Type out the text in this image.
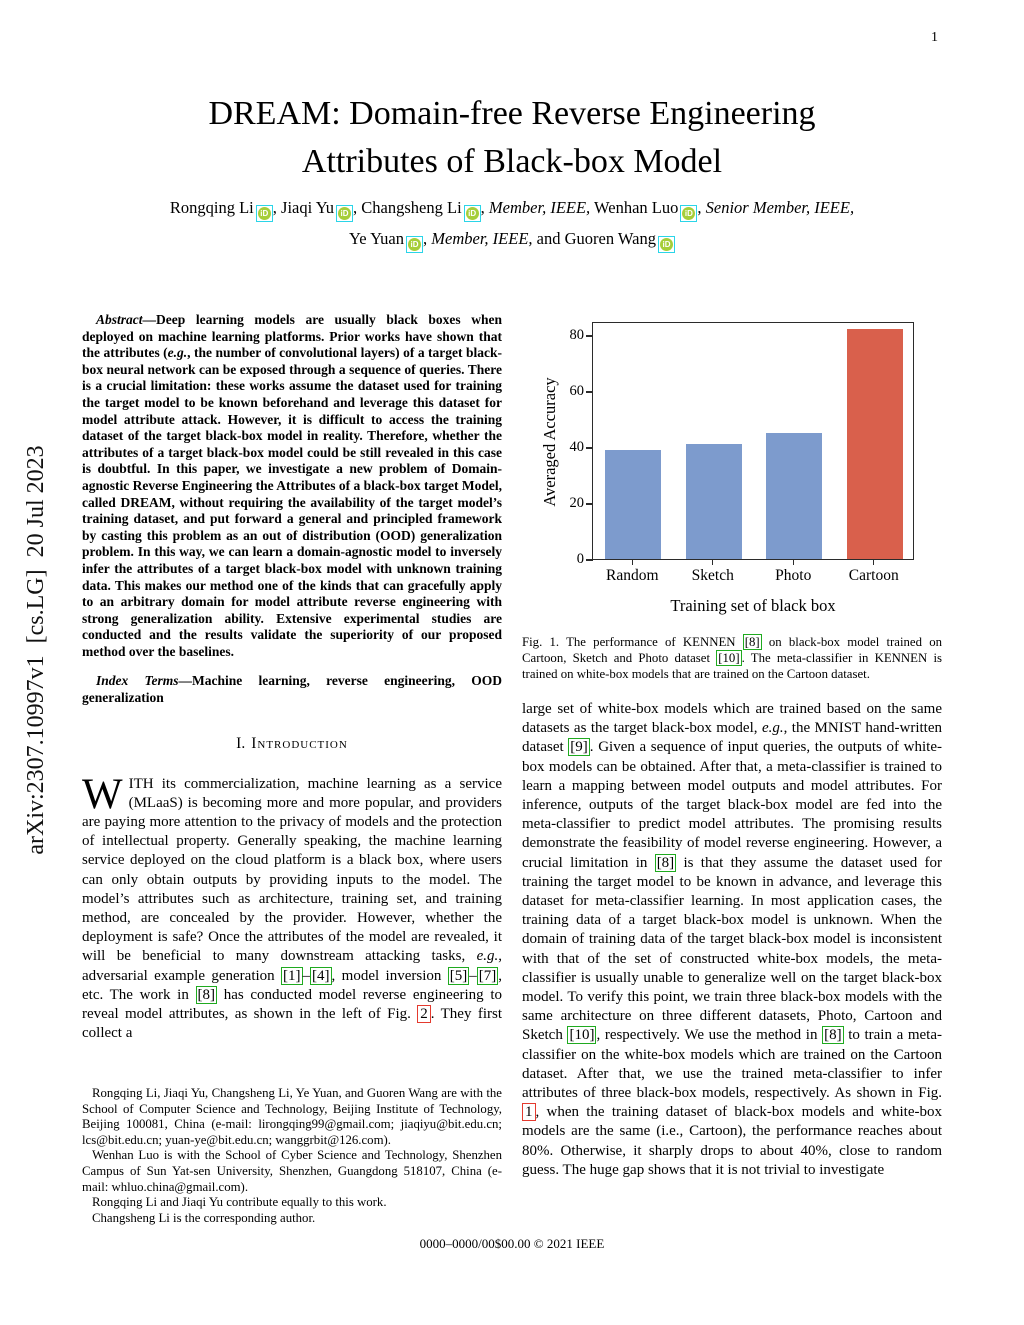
1
arXiv:2307.10997v1  [cs.LG]  20 Jul 2023
DREAM: Domain-free Reverse Engineering
Attributes of Black-box Model
Rongqing Li iD , Jiaqi Yu iD , Changsheng Li iD , Member, IEEE, Wenhan Luo iD , Senior Member, IEEE,
Ye Yuan iD , Member, IEEE, and Guoren Wang iD

Abstract—Deep learning models are usually black boxes when deployed on machine learning platforms. Prior works have shown that the attributes (e.g., the number of convolutional layers) of a target black-box neural network can be exposed through a sequence of queries. There is a crucial limitation: these works assume the dataset used for training the target model to be known beforehand and leverage this dataset for model attribute attack. However, it is difficult to access the training dataset of the target black-box model in reality. Therefore, whether the attributes of a target black-box model could be still revealed in this case is doubtful. In this paper, we investigate a new problem of Domain-agnostic Reverse Engineering the Attributes of a black-box target Model, called DREAM, without requiring the availability of the target model’s training dataset, and put forward a general and principled framework by casting this problem as an out of distribution (OOD) generalization problem. In this way, we can learn a domain-agnostic model to inversely infer the attributes of a target black-box model with unknown training data. This makes our method one of the kinds that can gracefully apply to an arbitrary domain for model attribute reverse engineering with strong generalization ability. Extensive experimental studies are conducted and the results validate the superiority of our proposed method over the baselines.

Index Terms—Machine learning, reverse engineering, OOD generalization

I. Introduction

WITH its commercialization, machine learning as a service (MLaaS) is becoming more and more popular, and providers are paying more attention to the privacy of models and the protection of intellectual property. Generally speaking, the machine learning service deployed on the cloud platform is a black box, where users can only obtain outputs by providing inputs to the model. The model’s attributes such as architecture, training set, and training method, are concealed by the provider. However, whether the deployment is safe? Once the attributes of the model are revealed, it will be beneficial to many downstream attacking tasks, e.g., adversarial example generation [1] – [4] , model inversion [5] – [7] , etc. The work in [8] has conducted model reverse engineering to reveal model attributes, as shown in the left of Fig. 2 . They first collect a

Rongqing Li, Jiaqi Yu, Changsheng Li, Ye Yuan, and Guoren Wang are with the School of Computer Science and Technology, Beijing Institute of Technology, Beijing 100081, China (e-mail: lirongqing99@gmail.com; jiaqiyu@bit.edu.cn; lcs@bit.edu.cn; yuan-ye@bit.edu.cn; wanggrbit@126.com).

Wenhan Luo is with the School of Cyber Science and Technology, Shenzhen Campus of Sun Yat-sen University, Shenzhen, Guangdong 518107, China (e-mail: whluo.china@gmail.com).

Rongqing Li and Jiaqi Yu contribute equally to this work.

Changsheng Li is the corresponding author.

Averaged Accuracy
Training set of black box
0
20
40
60
80
Random	Sketch	Photo	Cartoon

Fig. 1. The performance of KENNEN [8] on black-box model trained on Cartoon, Sketch and Photo dataset [10] . The meta-classifier in KENNEN is trained on white-box models that are trained on the Cartoon dataset.

large set of white-box models which are trained based on the same datasets as the target black-box model, e.g., the MNIST hand-written dataset [9] . Given a sequence of input queries, the outputs of white-box models can be obtained. After that, a meta-classifier is trained to learn a mapping between model outputs and model attributes. For inference, outputs of the target black-box model are fed into the meta-classifier to predict model attributes. The promising results demonstrate the feasibility of model reverse engineering. However, a crucial limitation in [8] is that they assume the dataset used for training the target model to be known in advance, and leverage this dataset for meta-classifier learning. In most application cases, the training data of a target black-box model is unknown. When the domain of training data of the target black-box model is inconsistent with that of the set of constructed white-box models, the meta-classifier is usually unable to generalize well on the target black-box model. To verify this point, we train three black-box models with the same architecture on three different datasets, Photo, Cartoon and Sketch [10] , respectively. We use the method in [8] to train a meta-classifier on the white-box models which are trained on the Cartoon dataset. After that, we use the trained meta-classifier to infer attributes of three black-box models, respectively. As shown in Fig. 1 , when the training dataset of black-box models and white-box models are the same (i.e., Cartoon), the performance reaches about 80%. Otherwise, it sharply drops to about 40%, close to random guess. The huge gap shows that it is not trivial to investigate

0000–0000/00$00.00 © 2021 IEEE
